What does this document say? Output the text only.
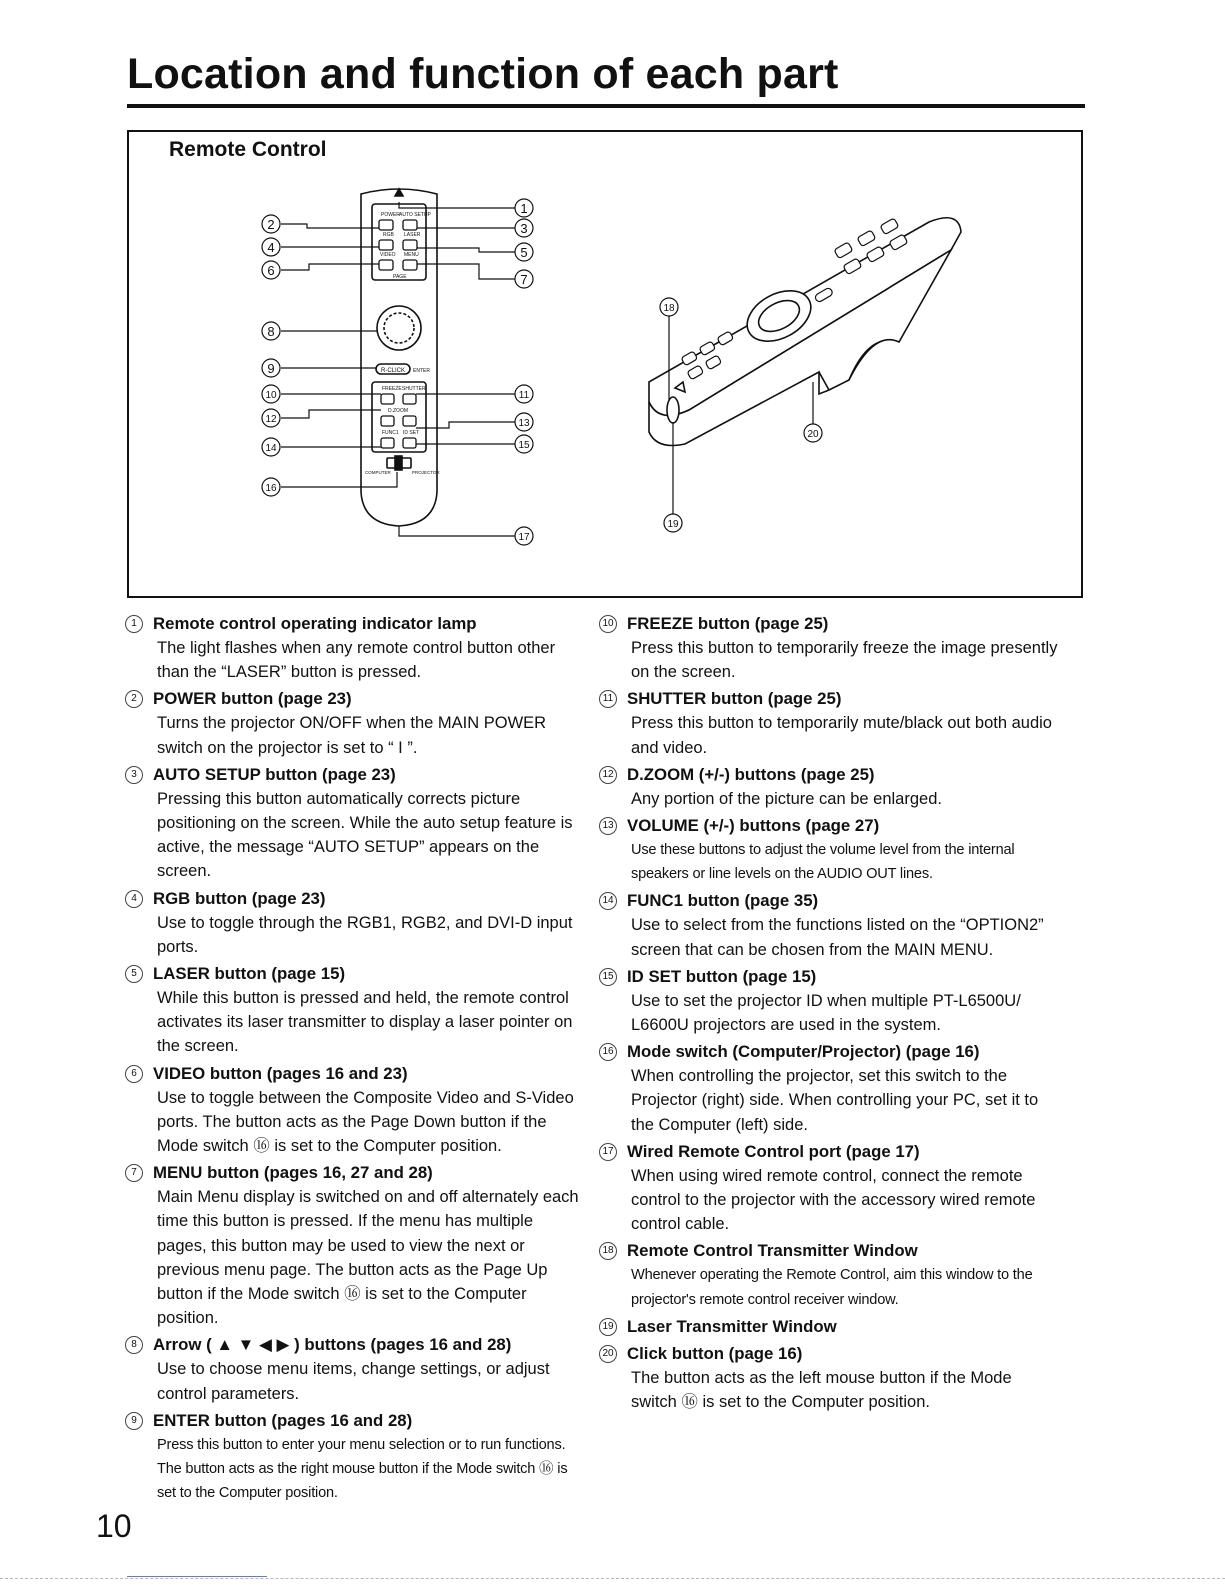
Location and function of each part
Remote Control
POWER AUTO SETUP
RGB LASER
VIDEO MENU
PAGE
R-CLICK ENTER
FREEZE SHUTTER
D.ZOOM
FUNC1 ID SET
COMPUTER	PROJECTOR
1
2	3
4	5
6
7
8
9
10	11
12	13
14	15
16
17
18
19
20
1 Remote control operating indicator lamp
The light flashes when any remote control button other than the “LASER” button is pressed.
2 POWER button (page 23)
Turns the projector ON/OFF when the MAIN POWER switch on the projector is set to “ I ”.
3 AUTO SETUP button (page 23)
Pressing this button automatically corrects picture positioning on the screen. While the auto setup feature is active, the message “AUTO SETUP” appears on the screen.
4 RGB button (page 23)
Use to toggle through the RGB1, RGB2, and DVI-D input ports.
5 LASER button (page 15)
While this button is pressed and held, the remote control activates its laser transmitter to display a laser pointer on the screen.
6 VIDEO button (pages 16 and 23)
Use to toggle between the Composite Video and S-Video ports. The button acts as the Page Down button if the Mode switch ⑯ is set to the Computer position.
7 MENU button (pages 16, 27 and 28)
Main Menu display is switched on and off alternately each time this button is pressed. If the menu has multiple pages, this button may be used to view the next or previous menu page. The button acts as the Page Up button if the Mode switch ⑯ is set to the Computer position.
8 Arrow ( ▲ ▼ ◀ ▶ ) buttons (pages 16 and 28)
Use to choose menu items, change settings, or adjust control parameters.
9 ENTER button (pages 16 and 28)
Press this button to enter your menu selection or to run functions. The button acts as the right mouse button if the Mode switch ⑯ is set to the Computer position.
10 FREEZE button (page 25)
Press this button to temporarily freeze the image presently on the screen.
11 SHUTTER button (page 25)
Press this button to temporarily mute/black out both audio and video.
12 D.ZOOM (+/-) buttons (page 25)
Any portion of the picture can be enlarged.
13 VOLUME (+/-) buttons (page 27)
Use these buttons to adjust the volume level from the internal speakers or line levels on the AUDIO OUT lines.
14 FUNC1 button (page 35)
Use to select from the functions listed on the “OPTION2” screen that can be chosen from the MAIN MENU.
15 ID SET button (page 15)
Use to set the projector ID when multiple PT-L6500U/ L6600U projectors are used in the system.
16 Mode switch (Computer/Projector) (page 16)
When controlling the projector, set this switch to the Projector (right) side. When controlling your PC, set it to the Computer (left) side.
17 Wired Remote Control port (page 17)
When using wired remote control, connect the remote control to the projector with the accessory wired remote control cable.
18 Remote Control Transmitter Window
Whenever operating the Remote Control, aim this window to the projector's remote control receiver window.
19 Laser Transmitter Window
20 Click button (page 16)
The button acts as the left mouse button if the Mode switch ⑯ is set to the Computer position.
10
